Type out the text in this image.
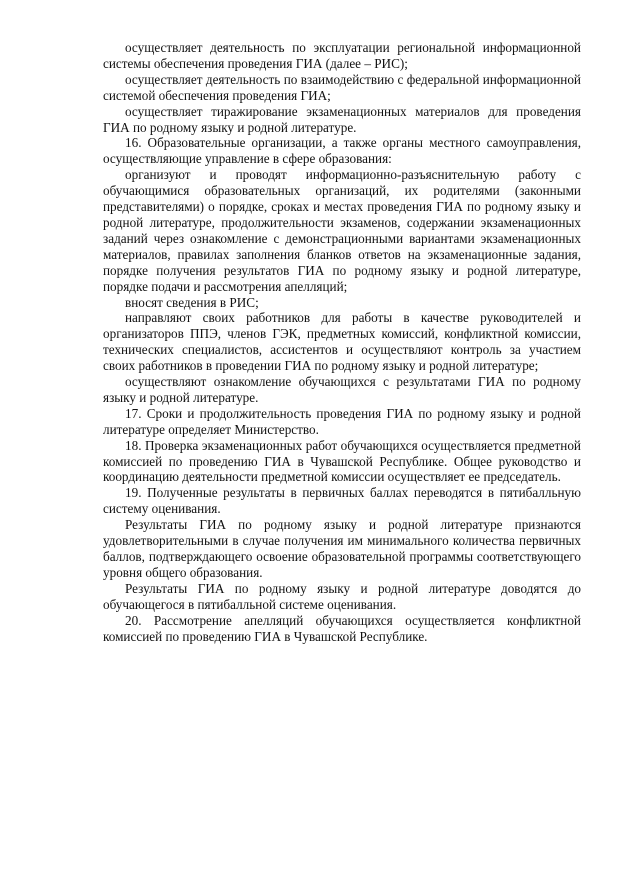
осуществляет деятельность по эксплуатации региональной информационной системы обеспечения проведения ГИА (далее – РИС);

осуществляет деятельность по взаимодействию с федеральной информационной системой обеспечения проведения ГИА;

осуществляет тиражирование экзаменационных материалов для проведения ГИА по родному языку и родной литературе.

16. Образовательные организации, а также органы местного самоуправления, осуществляющие управление в сфере образования:

организуют и проводят информационно-разъяснительную работу с обучающимися образовательных организаций, их родителями (законными представителями) о порядке, сроках и местах проведения ГИА по родному языку и родной литературе, продолжительности экзаменов, содержании экзаменационных заданий через ознакомление с демонстрационными вариантами экзаменационных материалов, правилах заполнения бланков ответов на экзаменационные задания, порядке получения результатов ГИА по родному языку и родной литературе, порядке подачи и рассмотрения апелляций;

вносят сведения в РИС;

направляют своих работников для работы в качестве руководителей и организаторов ППЭ, членов ГЭК, предметных комиссий, конфликтной комиссии, технических специалистов, ассистентов и осуществляют контроль за участием своих работников в проведении ГИА по родному языку и родной литературе;

осуществляют ознакомление обучающихся с результатами ГИА по родному языку и родной литературе.

17. Сроки и продолжительность проведения ГИА по родному языку и родной литературе определяет Министерство.

18. Проверка экзаменационных работ обучающихся осуществляется предметной комиссией по проведению ГИА в Чувашской Республике. Общее руководство и координацию деятельности предметной комиссии осуществляет ее председатель.

19. Полученные результаты в первичных баллах переводятся в пятибалльную систему оценивания.

Результаты ГИА по родному языку и родной литературе признаются удовлетворительными в случае получения им минимального количества первичных баллов, подтверждающего освоение образовательной программы соответствующего уровня общего образования.

Результаты ГИА по родному языку и родной литературе доводятся до обучающегося в пятибалльной системе оценивания.

20. Рассмотрение апелляций обучающихся осуществляется конфликтной комиссией по проведению ГИА в Чувашской Республике.
